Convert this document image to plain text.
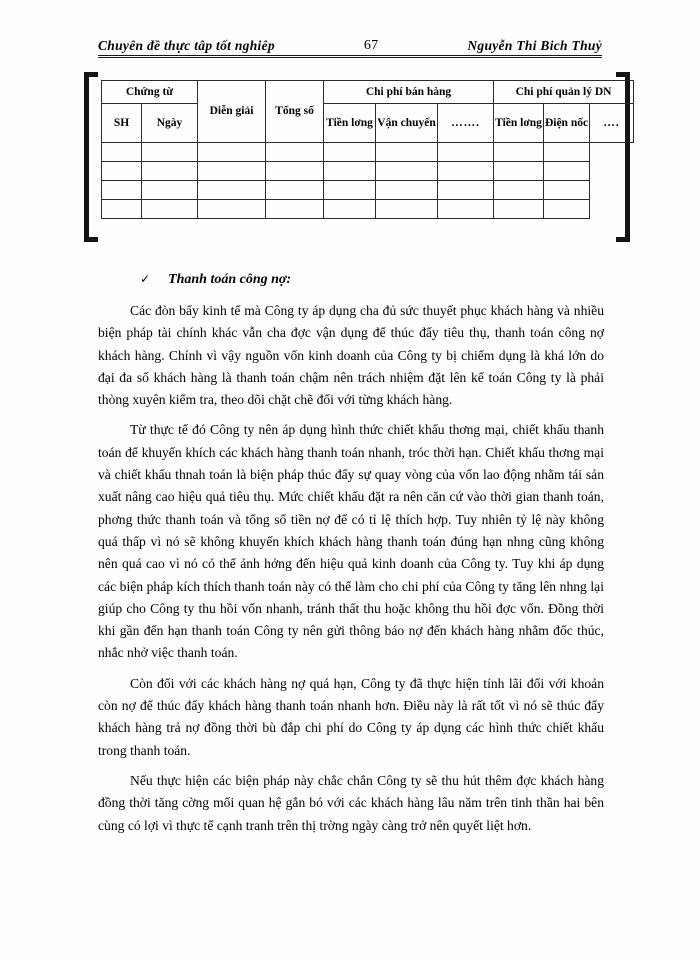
Chuyên đề thực tâp tốt nghiêp	67	Nguyễn Thi Bich Thuỷ
Chứng từ		Diễn giải	Tổng số	Chi phí bán hàng			Chi phí quản lý DN		
SH	Ngày			Tiền lơng	Vận chuyển	…….	Tiền lơng	Điện nốc	….

✓ Thanh toán công nợ:

Các đòn bẩy kinh tế mà Công ty áp dụng cha đủ sức thuyết phục khách hàng và nhiều biện pháp tài chính khác vẫn cha đợc vận dụng để thúc đẩy tiêu thụ, thanh toán công nợ khách hàng. Chính vì vậy nguồn vốn kinh doanh của Công ty bị chiếm dụng là khá lớn do đại đa số khách hàng là thanh toán chậm nên trách nhiệm đặt lên kế toán Công ty là phải thòng xuyên kiểm tra, theo dõi chặt chẽ đối với từng khách hàng.

Từ thực tế đó Công ty nên áp dụng hình thức chiết khấu thơng mại, chiết khấu thanh toán để khuyến khích các khách hàng thanh toán nhanh, tróc thời hạn. Chiết khấu thơng mại và chiết khấu thnah toán là biện pháp thúc đẩy sự quay vòng của vốn lao động nhằm tái sản xuất nâng cao hiệu quả tiêu thụ. Mức chiết khấu đặt ra nên căn cứ vào thời gian thanh toán, phơng thức thanh toán và tổng số tiền nợ để có tỉ lệ thích hợp. Tuy nhiên tỷ lệ này không quá thấp vì nó sẽ không khuyến khích khách hàng thanh toán đúng hạn nhng cũng không nên quá cao vì nó có thể ảnh hởng đến hiệu quả kinh doanh của Công ty. Tuy khi áp dụng các biện pháp kích thích thanh toán này có thể làm cho chi phí của Công ty tăng lên nhng lại giúp cho Công ty thu hồi vốn nhanh, tránh thất thu hoặc không thu hồi đợc vốn. Đồng thời khi gần đến hạn thanh toán Công ty nên gửi thông báo nợ đến khách hàng nhằm đốc thúc, nhắc nhở việc thanh toán.

Còn đối với các khách hàng nợ quá hạn, Công ty đã thực hiện tính lãi đối với khoản còn nợ để thúc đẩy khách hàng thanh toán nhanh hơn. Điều này là rất tốt vì nó sẽ thúc đẩy khách hàng trả nợ đồng thời bù đắp chi phí do Công ty áp dụng các hình thức chiết khấu trong thanh toán.

Nếu thực hiện các biện pháp này chắc chắn Công ty sẽ thu hút thêm đợc khách hàng đồng thời tăng cờng mối quan hệ gắn bó với các khách hàng lâu năm trên tinh thần hai bên cùng có lợi vì thực tế cạnh tranh trên thị trờng ngày càng trở nên quyết liệt hơn.
